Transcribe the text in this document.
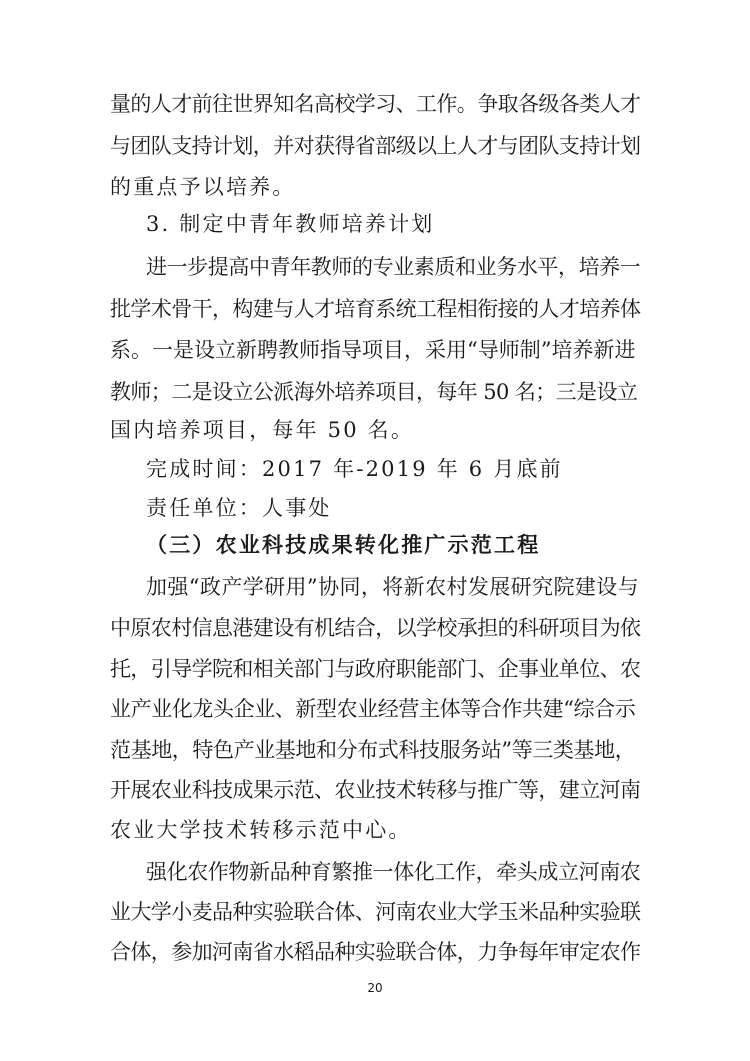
量的人才前往世界知名高校学习、工作。争取各级各类人才
与团队支持计划，并对获得省部级以上人才与团队支持计划
的重点予以培养。
3. 制定中青年教师培养计划
进一步提高中青年教师的专业素质和业务水平，培养一
批学术骨干，构建与人才培育系统工程相衔接的人才培养体
系。一是设立新聘教师指导项目，采用“导师制”培养新进
教师；二是设立公派海外培养项目，每年 50 名；三是设立
国内培养项目，每年 50 名。
完成时间：2017 年-2019 年 6 月底前
责任单位：人事处
（三）农业科技成果转化推广示范工程
加强“政产学研用”协同，将新农村发展研究院建设与
中原农村信息港建设有机结合，以学校承担的科研项目为依
托，引导学院和相关部门与政府职能部门、企事业单位、农
业产业化龙头企业、新型农业经营主体等合作共建“综合示
范基地，特色产业基地和分布式科技服务站”等三类基地，
开展农业科技成果示范、农业技术转移与推广等，建立河南
农业大学技术转移示范中心。
强化农作物新品种育繁推一体化工作，牵头成立河南农
业大学小麦品种实验联合体、河南农业大学玉米品种实验联
合体，参加河南省水稻品种实验联合体，力争每年审定农作
20
